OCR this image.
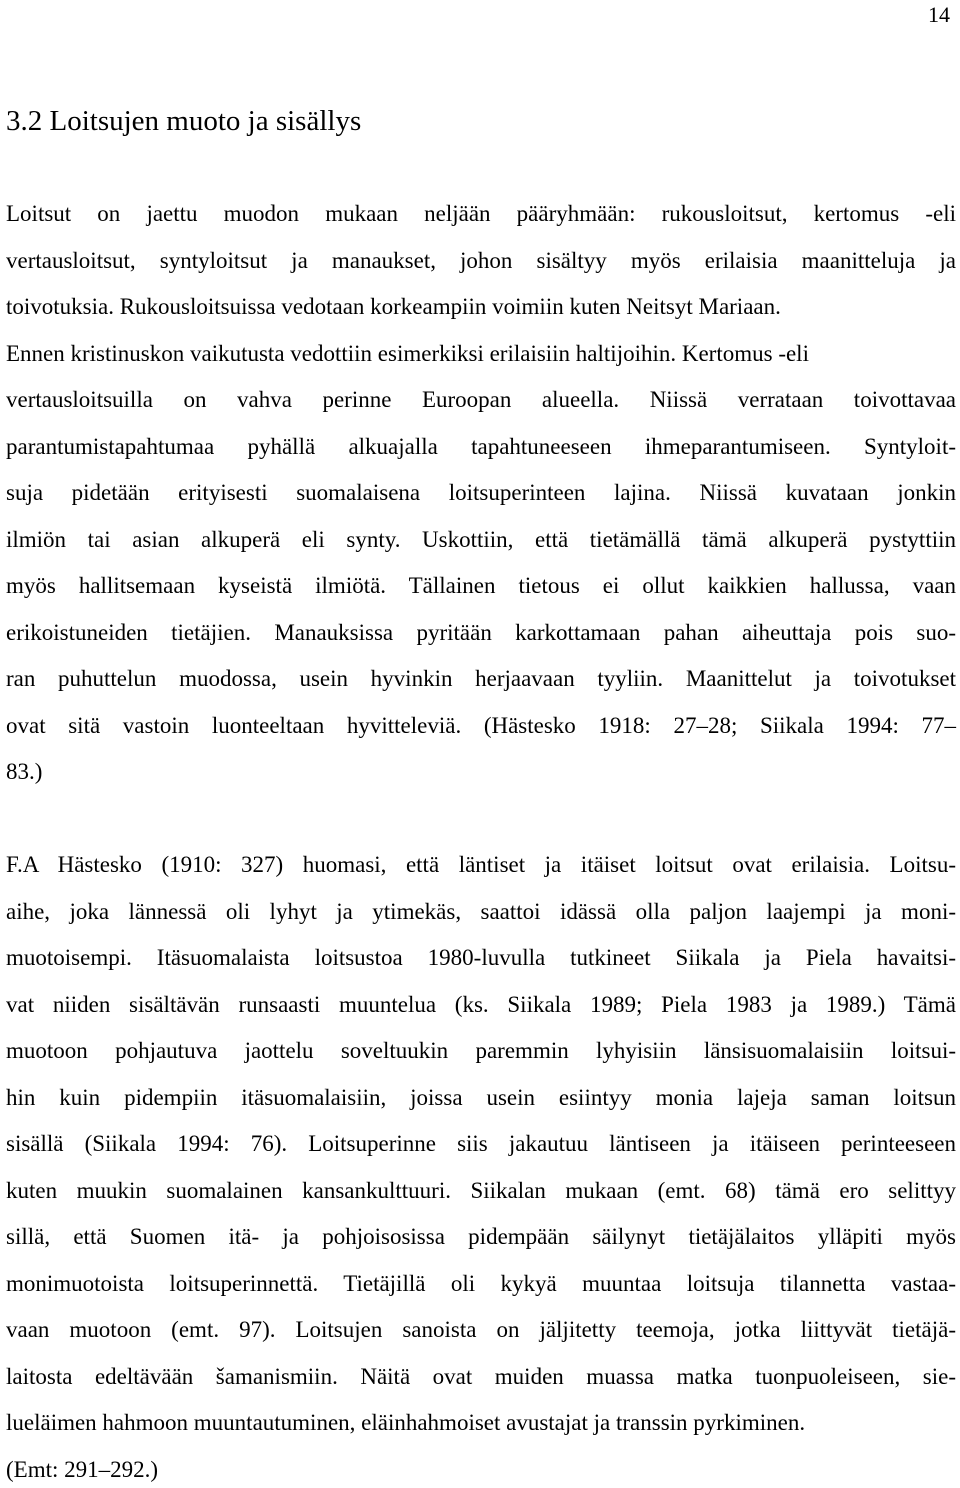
14
3.2 Loitsujen muoto ja sisällys
Loitsut on jaettu muodon mukaan neljään pääryhmään: rukousloitsut, kertomus -eli
vertausloitsut, syntyloitsut ja manaukset, johon sisältyy myös erilaisia maanitteluja ja
toivotuksia. Rukousloitsuissa vedotaan korkeampiin voimiin kuten Neitsyt Mariaan.
Ennen kristinuskon vaikutusta vedottiin esimerkiksi erilaisiin haltijoihin. Kertomus -eli
vertausloitsuilla on vahva perinne Euroopan alueella. Niissä verrataan toivottavaa
parantumistapahtumaa pyhällä alkuajalla tapahtuneeseen ihmeparantumiseen. Syntyloit-
suja pidetään erityisesti suomalaisena loitsuperinteen lajina. Niissä kuvataan jonkin
ilmiön tai asian alkuperä eli synty. Uskottiin, että tietämällä tämä alkuperä pystyttiin
myös hallitsemaan kyseistä ilmiötä. Tällainen tietous ei ollut kaikkien hallussa, vaan
erikoistuneiden tietäjien. Manauksissa pyritään karkottamaan pahan aiheuttaja pois suo-
ran puhuttelun muodossa, usein hyvinkin herjaavaan tyyliin. Maanittelut ja toivotukset
ovat sitä vastoin luonteeltaan hyvitteleviä. (Hästesko 1918: 27–28; Siikala 1994: 77–
83.)
F.A Hästesko (1910: 327) huomasi, että läntiset ja itäiset loitsut ovat erilaisia. Loitsu-
aihe, joka lännessä oli lyhyt ja ytimekäs, saattoi idässä olla paljon laajempi ja moni-
muotoisempi. Itäsuomalaista loitsustoa 1980-luvulla tutkineet Siikala ja Piela havaitsi-
vat niiden sisältävän runsaasti muuntelua (ks. Siikala 1989; Piela 1983 ja 1989.) Tämä
muotoon pohjautuva jaottelu soveltuukin paremmin lyhyisiin länsisuomalaisiin loitsui-
hin kuin pidempiin itäsuomalaisiin, joissa usein esiintyy monia lajeja saman loitsun
sisällä (Siikala 1994: 76). Loitsuperinne siis jakautuu läntiseen ja itäiseen perinteeseen
kuten muukin suomalainen kansankulttuuri. Siikalan mukaan (emt. 68) tämä ero selittyy
sillä, että Suomen itä- ja pohjoisosissa pidempään säilynyt tietäjälaitos ylläpiti myös
monimuotoista loitsuperinnettä. Tietäjillä oli kykyä muuntaa loitsuja tilannetta vastaa-
vaan muotoon (emt. 97). Loitsujen sanoista on jäljitetty teemoja, jotka liittyvät tietäjä-
laitosta edeltävään šamanismiin. Näitä ovat muiden muassa matka tuonpuoleiseen, sie-
lueläimen hahmoon muuntautuminen, eläinhahmoiset avustajat ja transsin pyrkiminen.
(Emt: 291–292.)
